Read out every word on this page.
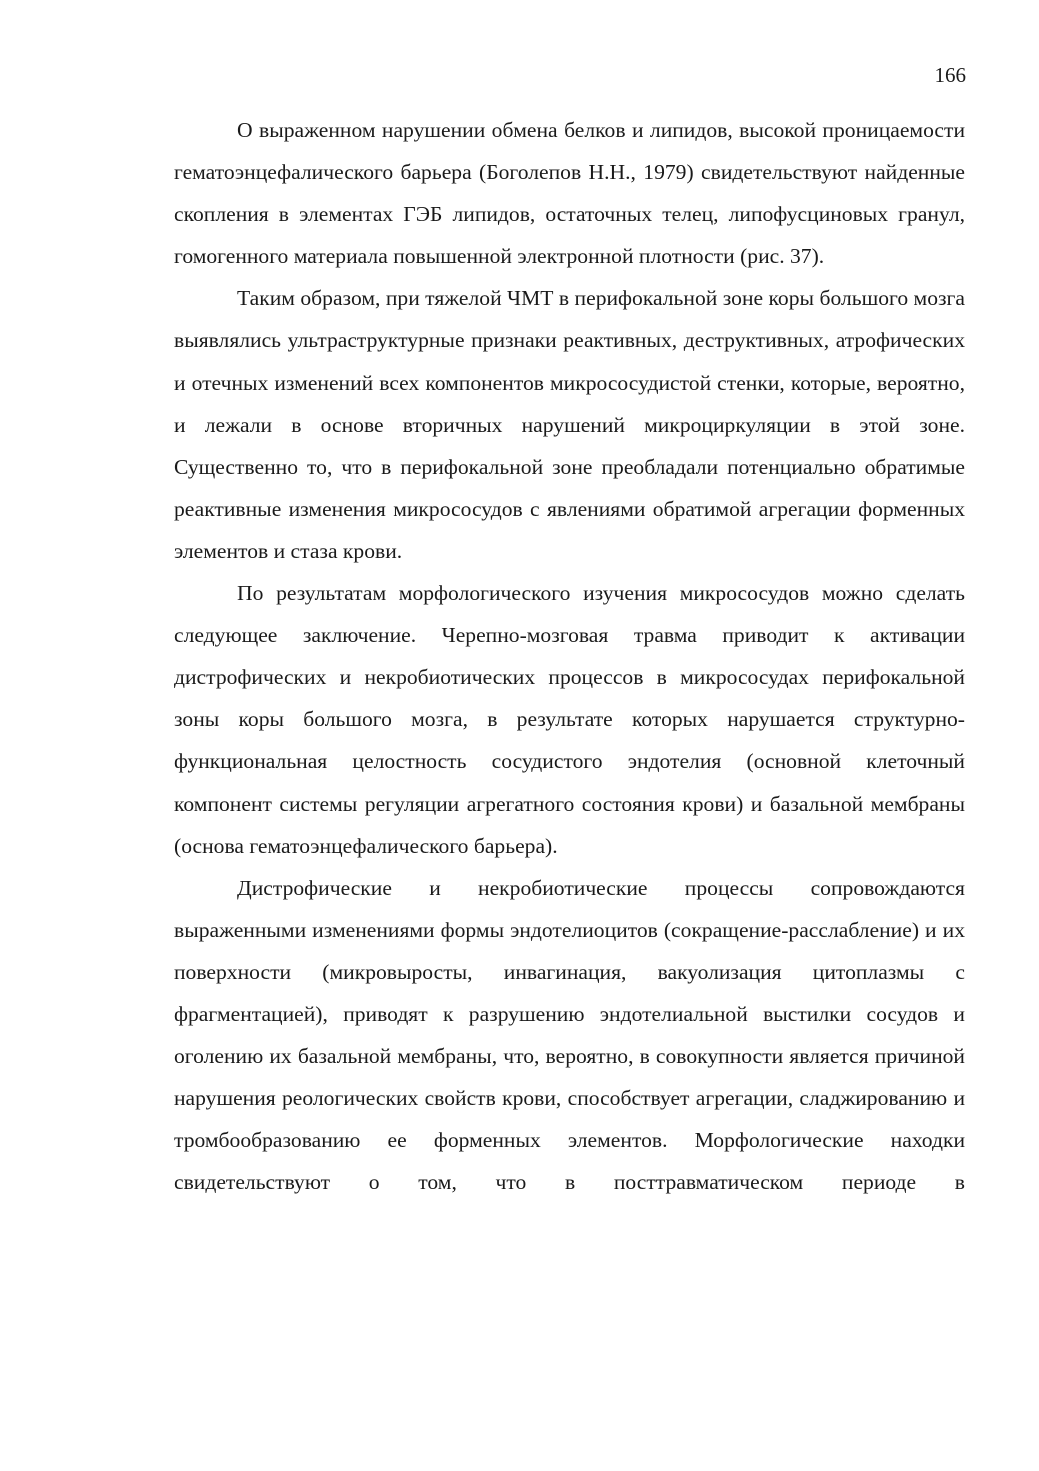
166

О выраженном нарушении обмена белков и липидов, высокой проницаемости гематоэнцефалического барьера (Боголепов Н.Н., 1979) свидетельствуют найденные скопления в элементах ГЭБ липидов, остаточных телец, липофусциновых гранул, гомогенного материала повышенной электронной плотности (рис. 37).

Таким образом, при тяжелой ЧМТ в перифокальной зоне коры большого мозга выявлялись ультраструктурные признаки реактивных, деструктивных, атрофических и отечных изменений всех компонентов микрососудистой стенки, которые, вероятно, и лежали в основе вторичных нарушений микроциркуляции в этой зоне. Существенно то, что в перифокальной зоне преобладали потенциально обратимые реактивные изменения микрососудов с явлениями обратимой агрегации форменных элементов и стаза крови.

По результатам морфологического изучения микрососудов можно сделать следующее заключение. Черепно-мозговая травма приводит к активации дистрофических и некробиотических процессов в микрососудах перифокальной зоны коры большого мозга, в результате которых нарушается структурно-функциональная целостность сосудистого эндотелия (основной клеточный компонент системы регуляции агрегатного состояния крови) и базальной мембраны (основа гематоэнцефалического барьера).

Дистрофические и некробиотические процессы сопровождаются выраженными изменениями формы эндотелиоцитов (сокращение-расслабление) и их поверхности (микровыросты, инвагинация, вакуолизация цитоплазмы с фрагментацией), приводят к разрушению эндотелиальной выстилки сосудов и оголению их базальной мембраны, что, вероятно, в совокупности является причиной нарушения реологических свойств крови, способствует агрегации, сладжированию и тромбообразованию ее форменных элементов. Морфологические находки свидетельствуют о том, что в посттравматическом периоде в
